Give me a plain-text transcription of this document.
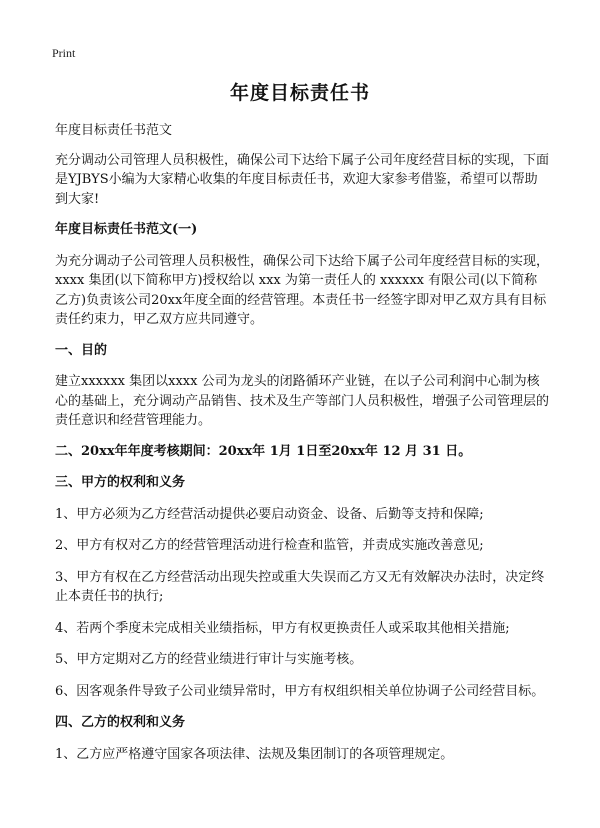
Print
年度目标责任书

年度目标责任书范文

充分调动公司管理人员积极性，确保公司下达给下属子公司年度经营目标的实现，下面是YJBYS小编为大家精心收集的年度目标责任书，欢迎大家参考借鉴，希望可以帮助到大家!

年度目标责任书范文(一)

为充分调动子公司管理人员积极性，确保公司下达给下属子公司年度经营目标的实现，xxxx 集团(以下简称甲方)授权给以 xxx 为第一责任人的 xxxxxx 有限公司(以下简称乙方)负责该公司20xx年度全面的经营管理。本责任书一经签字即对甲乙双方具有目标责任约束力，甲乙双方应共同遵守。

一、目的

建立xxxxxx 集团以xxxx 公司为龙头的闭路循环产业链，在以子公司利润中心制为核心的基础上，充分调动产品销售、技术及生产等部门人员积极性，增强子公司管理层的责任意识和经营管理能力。

二、20xx年年度考核期间：20xx年 1月 1日至20xx年 12 月 31 日。

三、甲方的权利和义务

1、甲方必须为乙方经营活动提供必要启动资金、设备、后勤等支持和保障;

2、甲方有权对乙方的经营管理活动进行检查和监管，并责成实施改善意见;

3、甲方有权在乙方经营活动出现失控或重大失误而乙方又无有效解决办法时，决定终止本责任书的执行;

4、若两个季度未完成相关业绩指标，甲方有权更换责任人或采取其他相关措施;

5、甲方定期对乙方的经营业绩进行审计与实施考核。

6、因客观条件导致子公司业绩异常时，甲方有权组织相关单位协调子公司经营目标。

四、乙方的权利和义务

1、乙方应严格遵守国家各项法律、法规及集团制订的各项管理规定。
